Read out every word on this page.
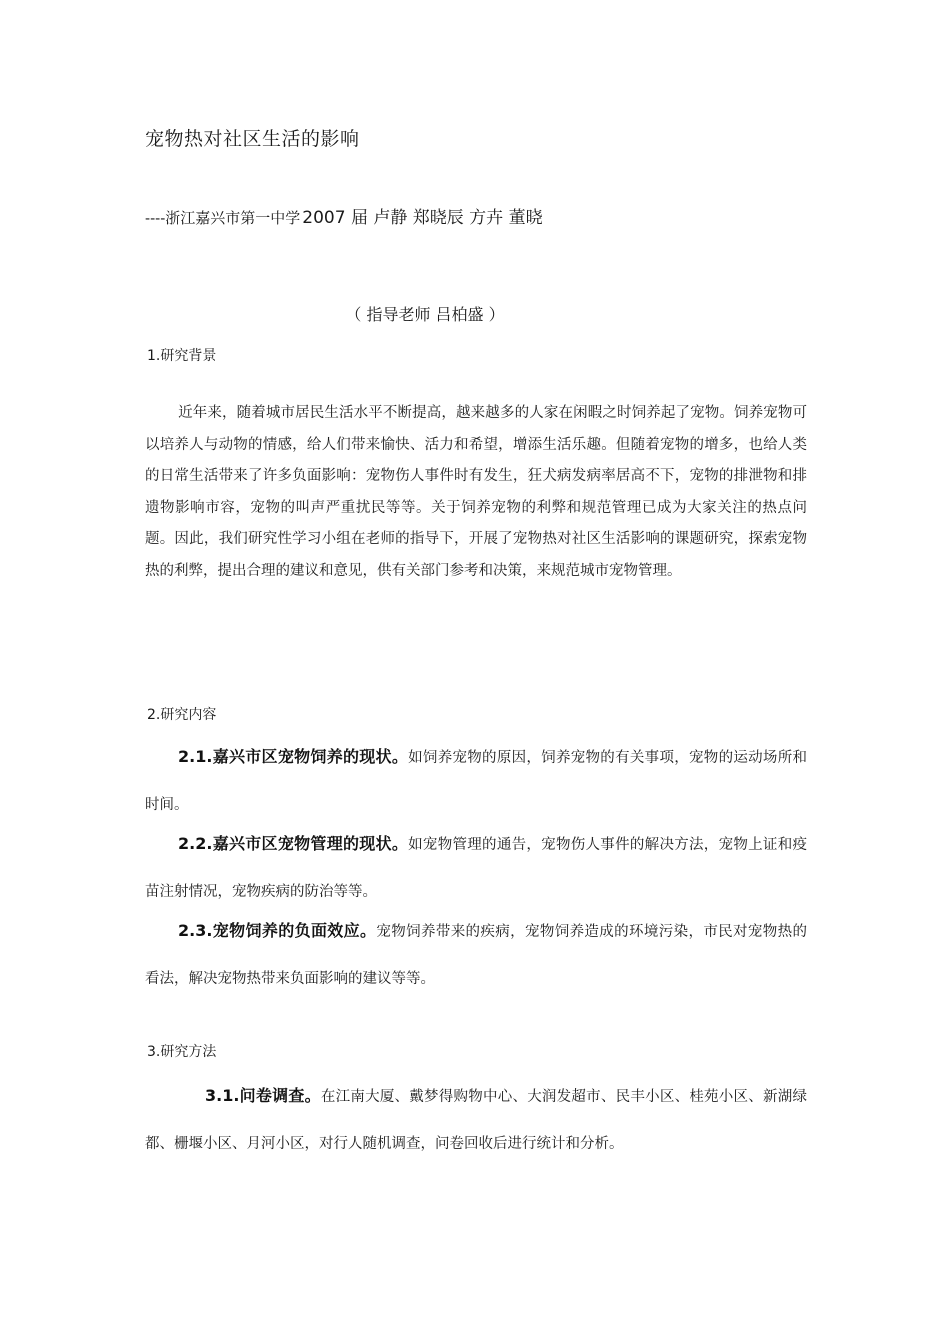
宠物热对社区生活的影响
----浙江嘉兴市第一中学 2007 届 卢静 郑晓辰 方卉 董晓
（ 指导老师 吕柏盛 ）
1.研究背景
近年来，随着城市居民生活水平不断提高，越来越多的人家在闲暇之时饲养起了宠物。饲养宠物可以培养人与动物的情感，给人们带来愉快、活力和希望，增添生活乐趣。但随着宠物的增多，也给人类的日常生活带来了许多负面影响：宠物伤人事件时有发生，狂犬病发病率居高不下，宠物的排泄物和排遗物影响市容，宠物的叫声严重扰民等等。关于饲养宠物的利弊和规范管理已成为大家关注的热点问题。因此，我们研究性学习小组在老师的指导下，开展了宠物热对社区生活影响的课题研究，探索宠物热的利弊，提出合理的建议和意见，供有关部门参考和决策，来规范城市宠物管理。
2.研究内容
2.1.嘉兴市区宠物饲养的现状。如饲养宠物的原因，饲养宠物的有关事项，宠物的运动场所和时间。
2.2.嘉兴市区宠物管理的现状。如宠物管理的通告，宠物伤人事件的解决方法，宠物上证和疫苗注射情况，宠物疾病的防治等等。
2.3.宠物饲养的负面效应。宠物饲养带来的疾病，宠物饲养造成的环境污染，市民对宠物热的看法，解决宠物热带来负面影响的建议等等。
3.研究方法
3.1.问卷调查。在江南大厦、戴梦得购物中心、大润发超市、民丰小区、桂苑小区、新湖绿都、栅堰小区、月河小区，对行人随机调查，问卷回收后进行统计和分析。
